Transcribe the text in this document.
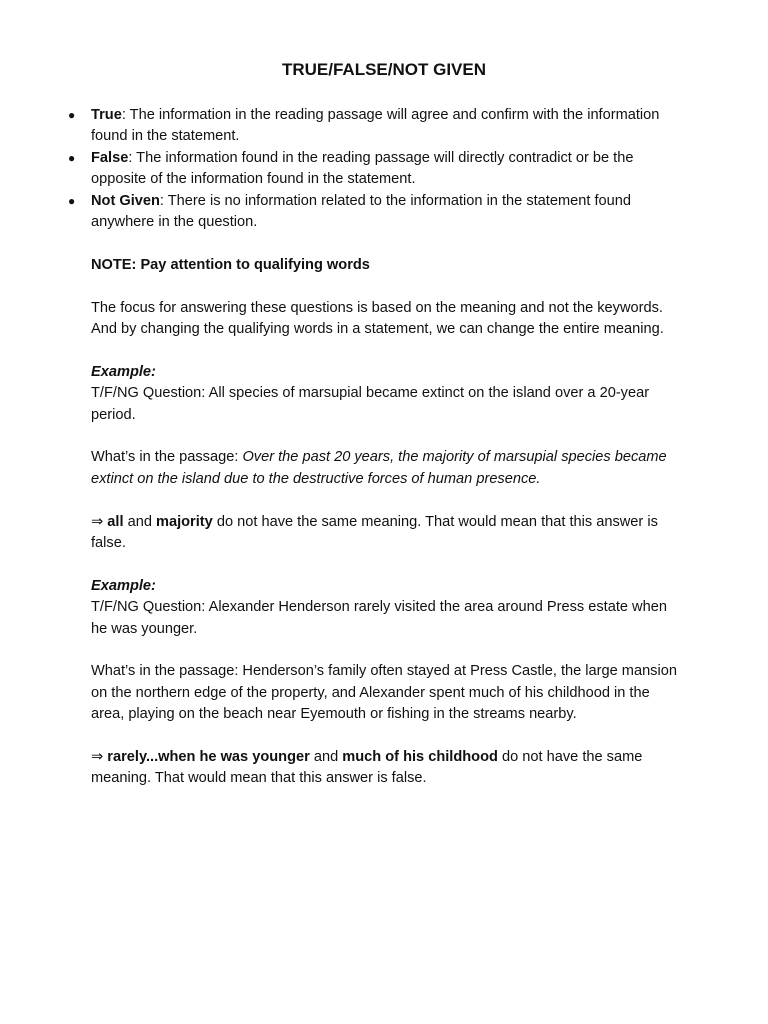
TRUE/FALSE/NOT GIVEN
● True: The information in the reading passage will agree and confirm with the information found in the statement.
● False: The information found in the reading passage will directly contradict or be the opposite of the information found in the statement.
● Not Given: There is no information related to the information in the statement found anywhere in the question.

NOTE: Pay attention to qualifying words

The focus for answering these questions is based on the meaning and not the keywords. And by changing the qualifying words in a statement, we can change the entire meaning.

Example:

T/F/NG Question: All species of marsupial became extinct on the island over a 20-year period.

What’s in the passage: Over the past 20 years, the majority of marsupial species became extinct on the island due to the destructive forces of human presence.

⇒ all and majority do not have the same meaning. That would mean that this answer is false.

Example:

T/F/NG Question: Alexander Henderson rarely visited the area around Press estate when he was younger.

What’s in the passage: Henderson’s family often stayed at Press Castle, the large mansion on the northern edge of the property, and Alexander spent much of his childhood in the area, playing on the beach near Eyemouth or fishing in the streams nearby.

⇒ rarely...when he was younger and much of his childhood do not have the same meaning. That would mean that this answer is false.
